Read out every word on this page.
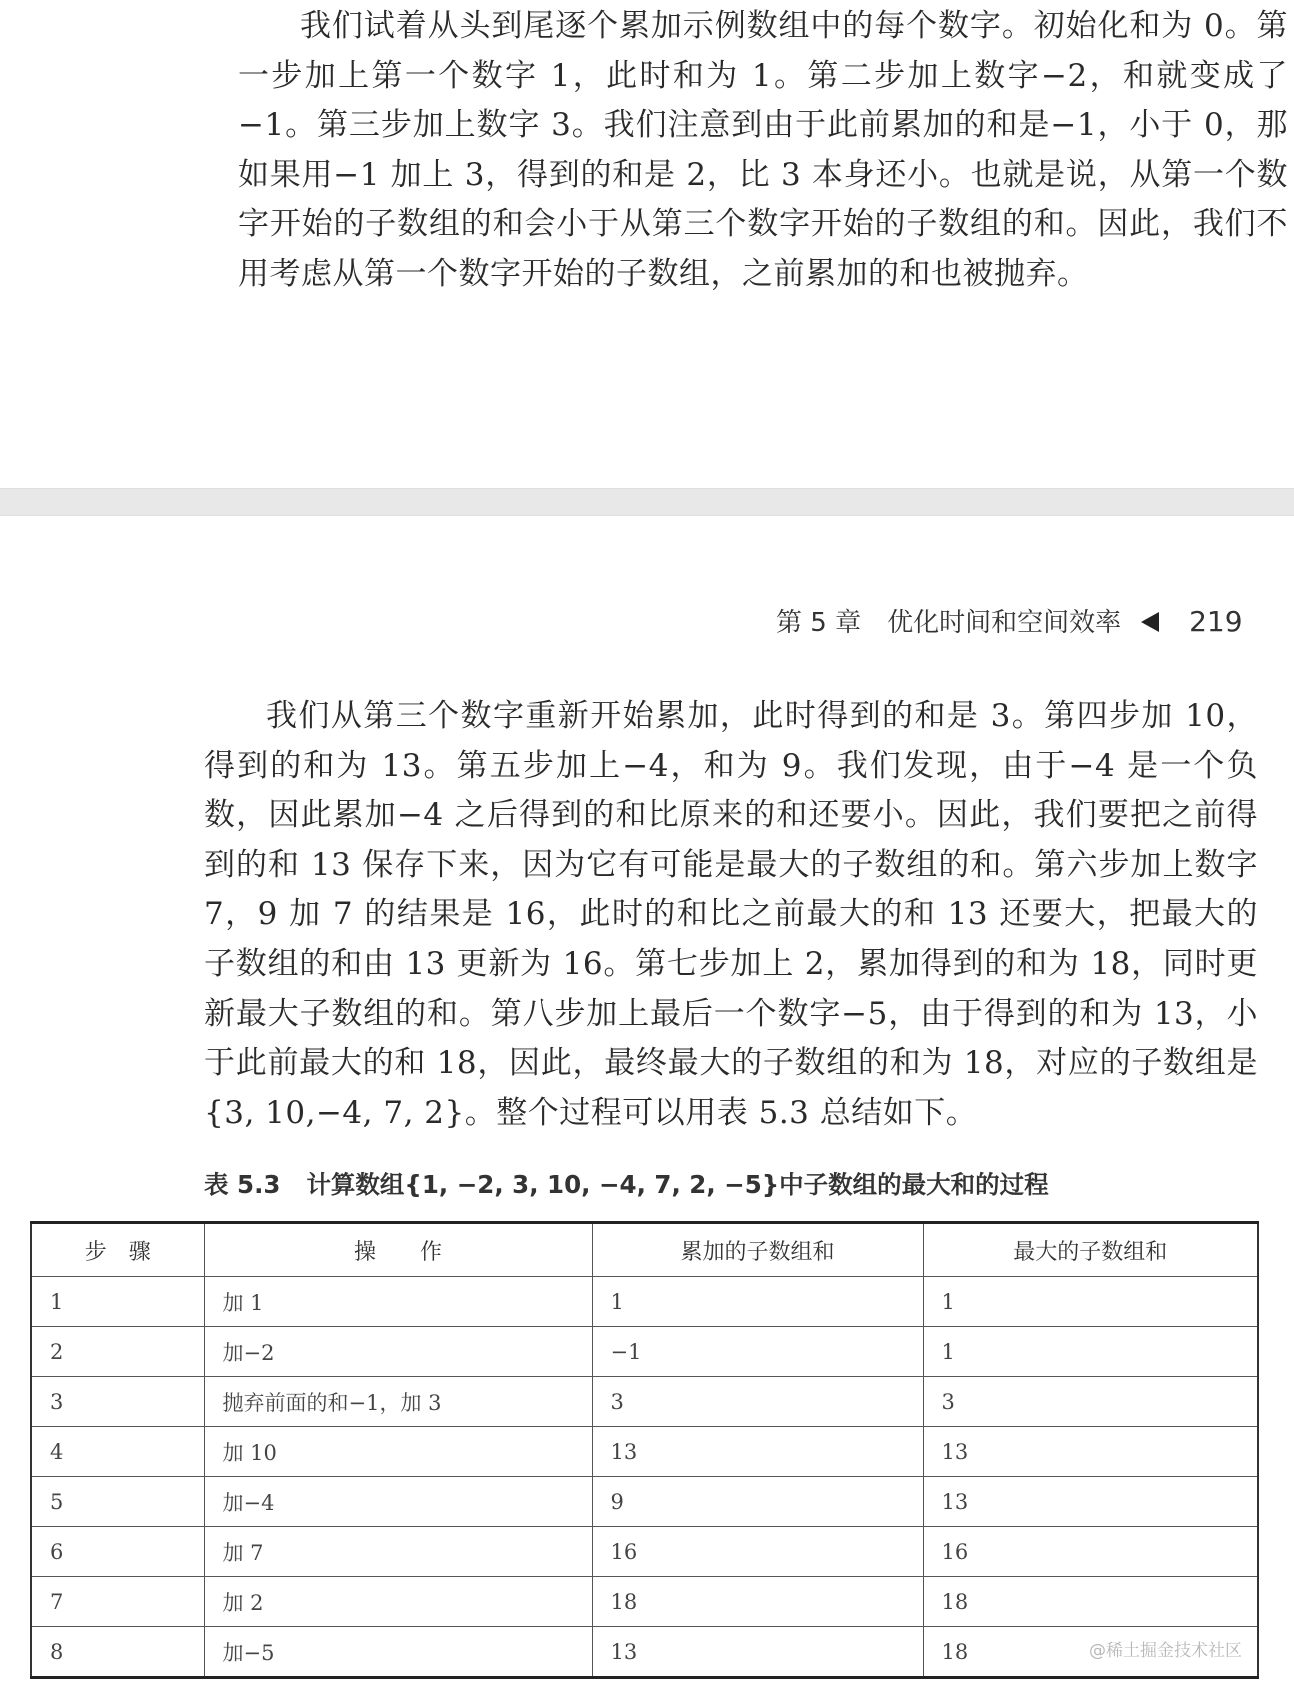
我们试着从头到尾逐个累加示例数组中的每个数字。初始化和为 0。第一步加上第一个数字 1，此时和为 1。第二步加上数字−2，和就变成了−1。第三步加上数字 3。我们注意到由于此前累加的和是−1，小于 0，那如果用−1 加上 3，得到的和是 2，比 3 本身还小。也就是说，从第一个数字开始的子数组的和会小于从第三个数字开始的子数组的和。因此，我们不用考虑从第一个数字开始的子数组，之前累加的和也被抛弃。

第 5 章 优化时间和空间效率 219

我们从第三个数字重新开始累加，此时得到的和是 3。第四步加 10，得到的和为 13。第五步加上−4，和为 9。我们发现，由于−4 是一个负数，因此累加−4 之后得到的和比原来的和还要小。因此，我们要把之前得到的和 13 保存下来，因为它有可能是最大的子数组的和。第六步加上数字 7，9 加 7 的结果是 16，此时的和比之前最大的和 13 还要大，把最大的子数组的和由 13 更新为 16。第七步加上 2，累加得到的和为 18，同时更新最大子数组的和。第八步加上最后一个数字−5，由于得到的和为 13，小于此前最大的和 18，因此，最终最大的子数组的和为 18，对应的子数组是{3, 10,−4, 7, 2}。整个过程可以用表 5.3 总结如下。

表 5.3 计算数组{1, −2, 3, 10, −4, 7, 2, −5}中子数组的最大和的过程
步　骤	操　　作	累加的子数组和	最大的子数组和
1	加 1	1	1
2	加−2	−1	1
3	抛弃前面的和−1，加 3	3	3
4	加 10	13	13
5	加−4	9	13
6	加 7	16	16
7	加 2	18	18
8	加−5	13	18	@稀土掘金技术社区
